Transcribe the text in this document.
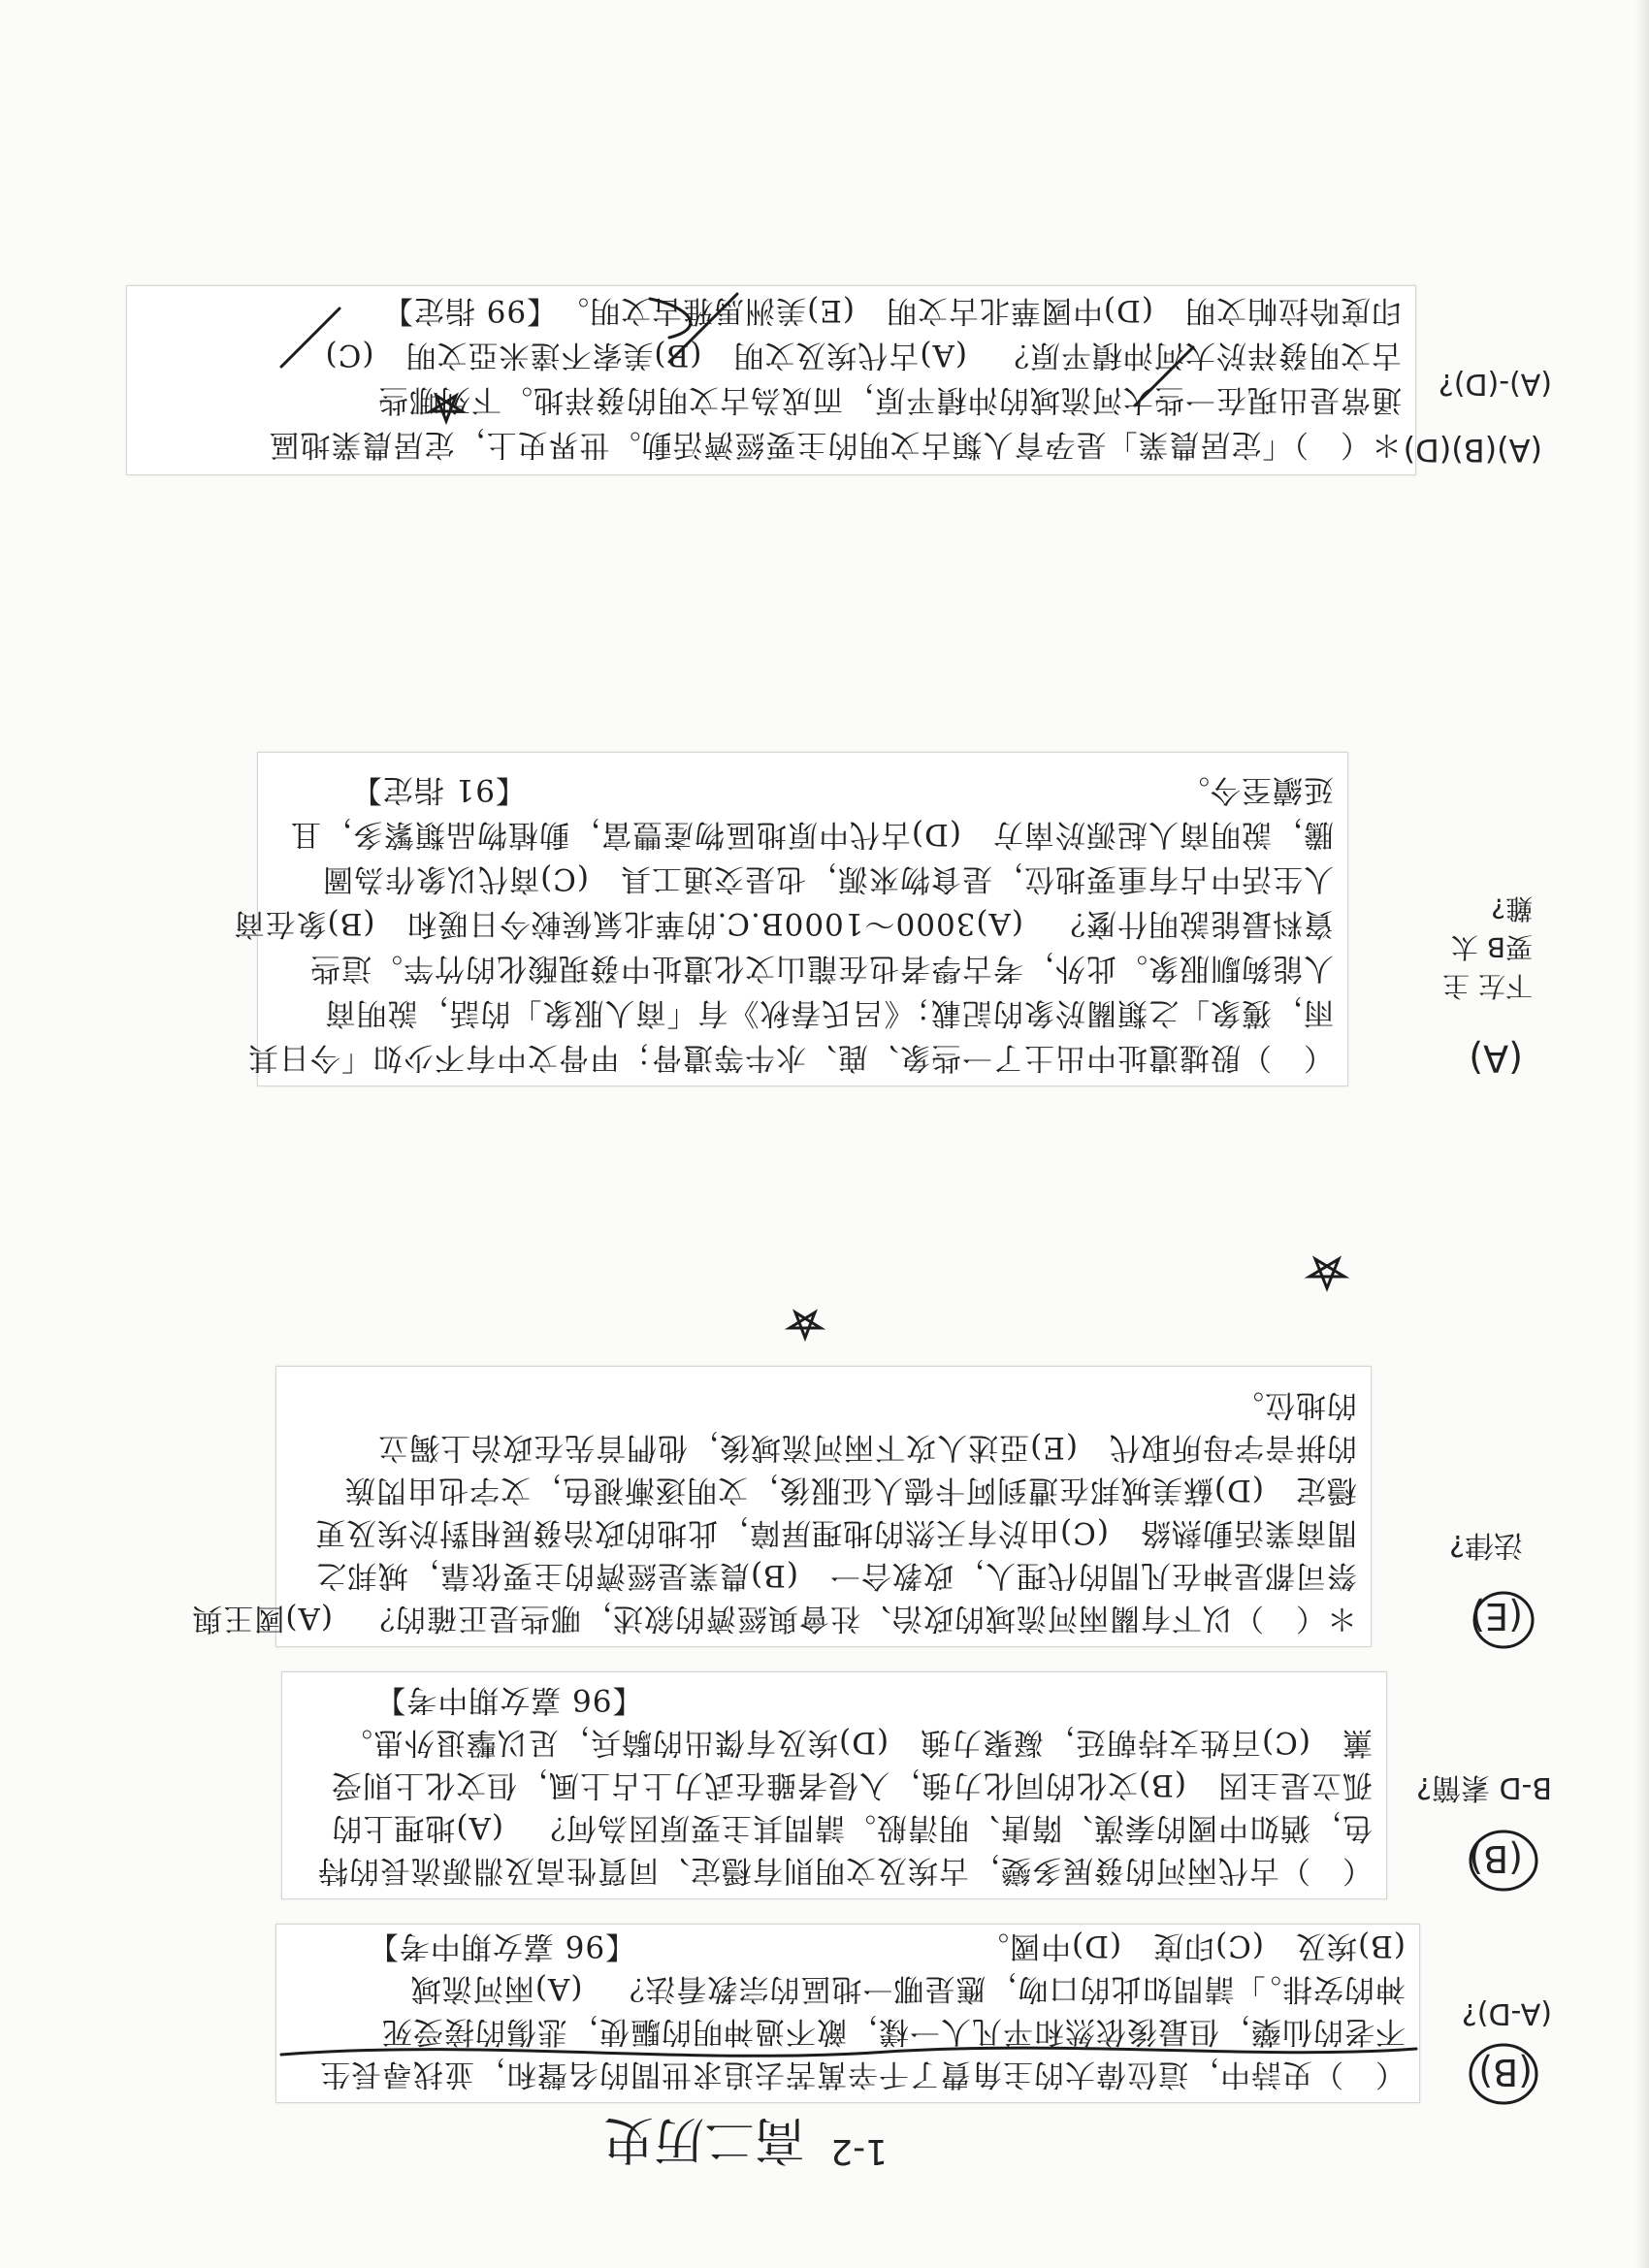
（　）史詩中，這位偉大的主角費了千辛萬苦去追求世間的名聲和，並找尋長生
不老的仙藥，但最後依然和平凡人一樣，敵不過神明的驅使，悲傷的接受死
神的安排。」請問如此的口吻，應是哪一地區的宗教看法？　(A)兩河流域
(B)埃及　(C)印度　(D)中國。　　　　　　　　　　　　【96 嘉女期中考】
（　）古代兩河的發展多變，古埃及文明則有穩定、同質性高及淵源流長的特
色，猶如中國的秦漢、隋唐、明清般。請問其主要原因為何？　(A)地理上的
孤立是主因　(B)文化的同化力強，入侵者雖在武力上占上風，但文化上則受
薰　(C)百姓支持朝廷，凝聚力強　(D)埃及有傑出的騎兵，足以擊退外患。
　　　　　　　　　　　　　　　　　　　　　　　　【96 嘉女期中考】
＊（　）以下有關兩河流域的政治、社會與經濟的敘述，哪些是正確的？　(A)國王與
祭司都是神在凡間的代理人，政教合一　(B)農業是經濟的主要依靠，城邦之
間商業活動熱絡　(C)由於有天然的地理屏障，此地的政治發展相對於埃及更
穩定　(D)蘇美城邦在遭到阿卡德人征服後，文明逐漸褪色，文字也由閃族
的拼音字母所取代　(E)亞述人攻下兩河流域後，他們首先在政治上獨立
的地位。
（　）殷墟遺址中出土了一些象、鹿、水牛等遺骨；甲骨文中有不少如「今日其
雨，獲象」之類關於象的記載；《呂氏春秋》有「商人服象」的話，說明商
人能夠馴服象。此外，考古學者也在龍山文化遺址中發現酸化的竹竿。這些
資料最能說明什麼？　(A)3000～1000B.C.的華北氣候較今日暖和　(B)象在商
人生活中占有重要地位，是食物來源，也是交通工具　(C)商代以象作為圖
騰，說明商人起源於南方　(D)古代中原地區物產豐富，動植物品類繁多，且
延續至今。　　　　　　　　　　　　　　　　　　　　　　【91 指定】
＊（　）「定居農業」是孕育人類古文明的主要經濟活動。世界史上，定居農業地區
通常是出現在一些大河流域的沖積平原，而成為古文明的發祥地。下列哪些
古文明發祥於大河沖積平原？　(A)古代埃及文明　(B)美索不達米亞文明　(C)
印度哈拉帕文明　(D)中國華北古文明　(E)美洲馬雅古文明。　【99 指定】
(B)
(A-D)?
(B)
B-D 素簡?
(E)
法律?
(A)
下左 主要B 太難?
(A)(B)(D)
(A)-(D)?
高二历史 1-2
